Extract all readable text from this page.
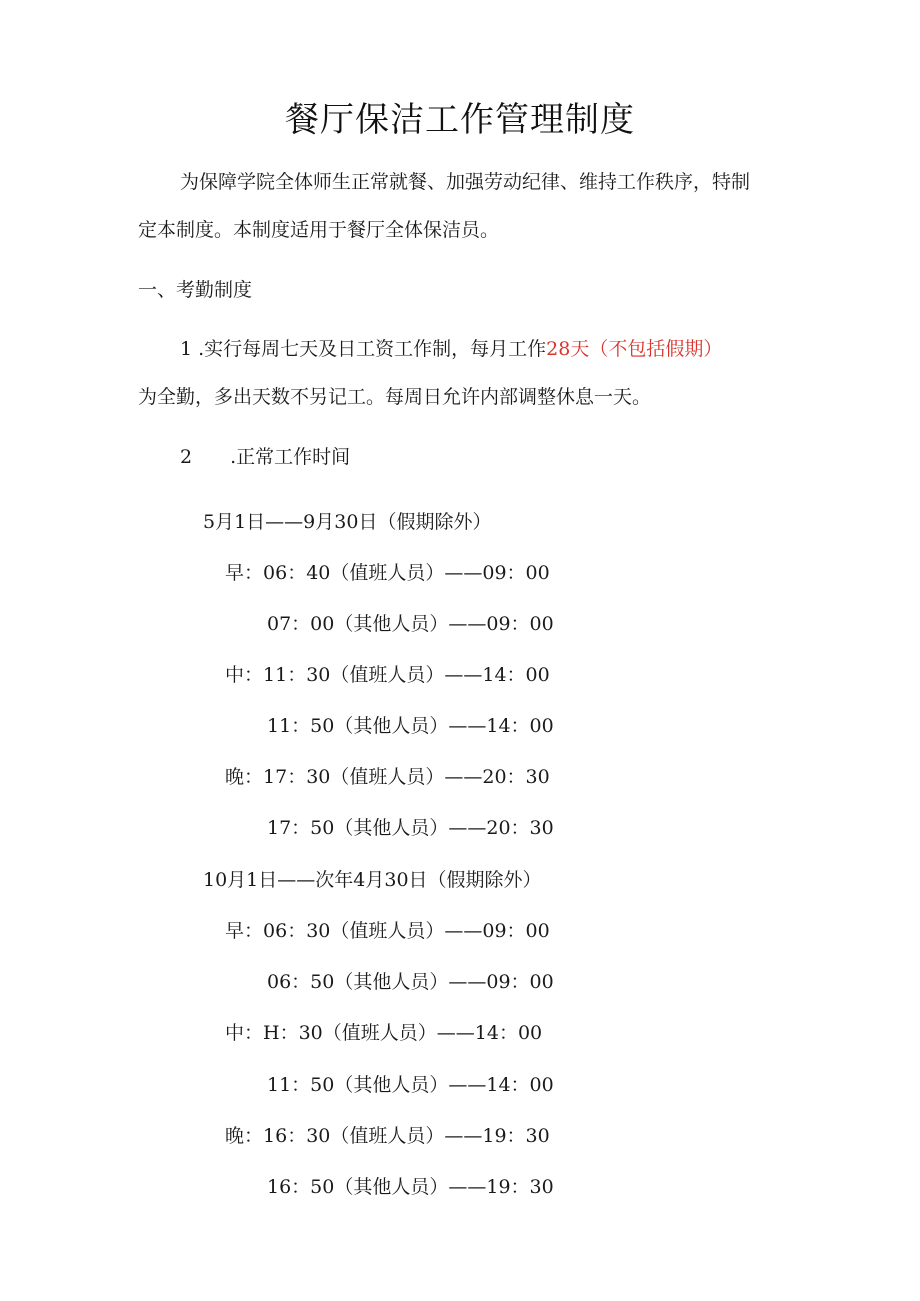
餐厅保洁工作管理制度
为保障学院全体师生正常就餐、加强劳动纪律、维持工作秩序，特制
定本制度。本制度适用于餐厅全体保洁员。
一、考勤制度
1 .实行每周七天及日工资工作制，每月工作28天（不包括假期）
为全勤，多出天数不另记工。每周日允许内部调整休息一天。
2 .正常工作时间
5月1日——9月30日（假期除外）
早：06：40（值班人员）——09：00
07：00（其他人员）——09：00
中：11：30（值班人员）——14：00
11：50（其他人员）——14：00
晚：17：30（值班人员）——20：30
17：50（其他人员）——20：30
10月1日——次年4月30日（假期除外）
早：06：30（值班人员）——09：00
06：50（其他人员）——09：00
中：H：30（值班人员）——14：00
11：50（其他人员）——14：00
晚：16：30（值班人员）——19：30
16：50（其他人员）——19：30
